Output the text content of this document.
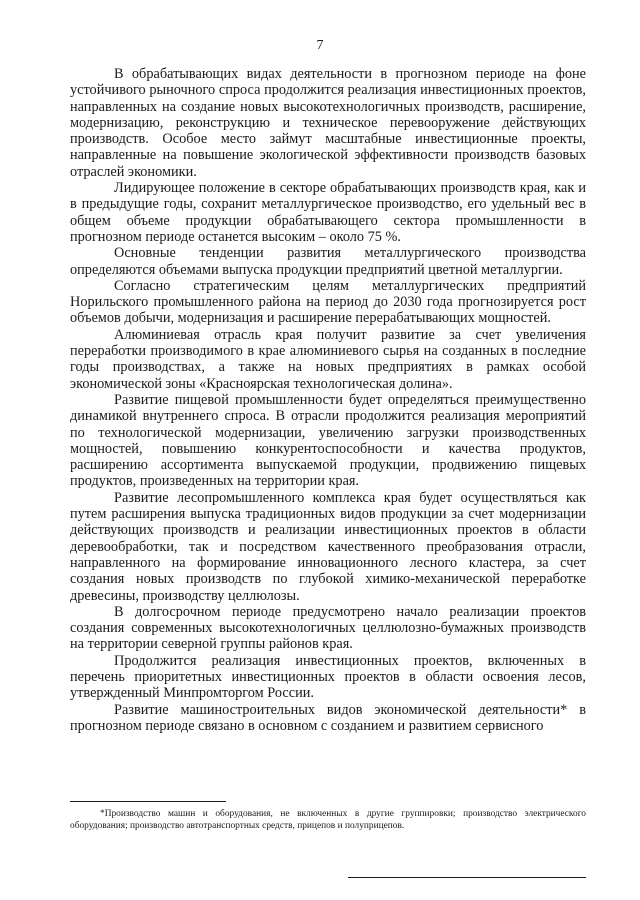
7

В обрабатывающих видах деятельности в прогнозном периоде на фоне устойчивого рыночного спроса продолжится реализация инвестиционных проектов, направленных на создание новых высокотехнологичных производств, расширение, модернизацию, реконструкцию и техническое перевооружение действующих производств. Особое место займут масштабные инвестиционные проекты, направленные на повышение экологической эффективности производств базовых отраслей экономики.

Лидирующее положение в секторе обрабатывающих производств края, как и в предыдущие годы, сохранит металлургическое производство, его удельный вес в общем объеме продукции обрабатывающего сектора промышленности в прогнозном периоде останется высоким – около 75 %.

Основные тенденции развития металлургического производства определяются объемами выпуска продукции предприятий цветной металлургии.

Согласно стратегическим целям металлургических предприятий Норильского промышленного района на период до 2030 года прогнозируется рост объемов добычи, модернизация и расширение перерабатывающих мощностей.

Алюминиевая отрасль края получит развитие за счет увеличения переработки производимого в крае алюминиевого сырья на созданных в последние годы производствах, а также на новых предприятиях в рамках особой экономической зоны «Красноярская технологическая долина».

Развитие пищевой промышленности будет определяться преимущественно динамикой внутреннего спроса. В отрасли продолжится реализация мероприятий по технологической модернизации, увеличению загрузки производственных мощностей, повышению конкурентоспособности и качества продуктов, расширению ассортимента выпускаемой продукции, продвижению пищевых продуктов, произведенных на территории края.

Развитие лесопромышленного комплекса края будет осуществляться как путем расширения выпуска традиционных видов продукции за счет модернизации действующих производств и реализации инвестиционных проектов в области деревообработки, так и посредством качественного преобразования отрасли, направленного на формирование инновационного лесного кластера, за счет создания новых производств по глубокой химико-механической переработке древесины, производству целлюлозы.

В долгосрочном периоде предусмотрено начало реализации проектов создания современных высокотехнологичных целлюлозно-бумажных производств на территории северной группы районов края.

Продолжится реализация инвестиционных проектов, включенных в перечень приоритетных инвестиционных проектов в области освоения лесов, утвержденный Минпромторгом России.

Развитие машиностроительных видов экономической деятельности* в прогнозном периоде связано в основном с созданием и развитием сервисного

*Производство машин и оборудования, не включенных в другие группировки; производство электрического оборудования; производство автотранспортных средств, прицепов и полуприцепов.
